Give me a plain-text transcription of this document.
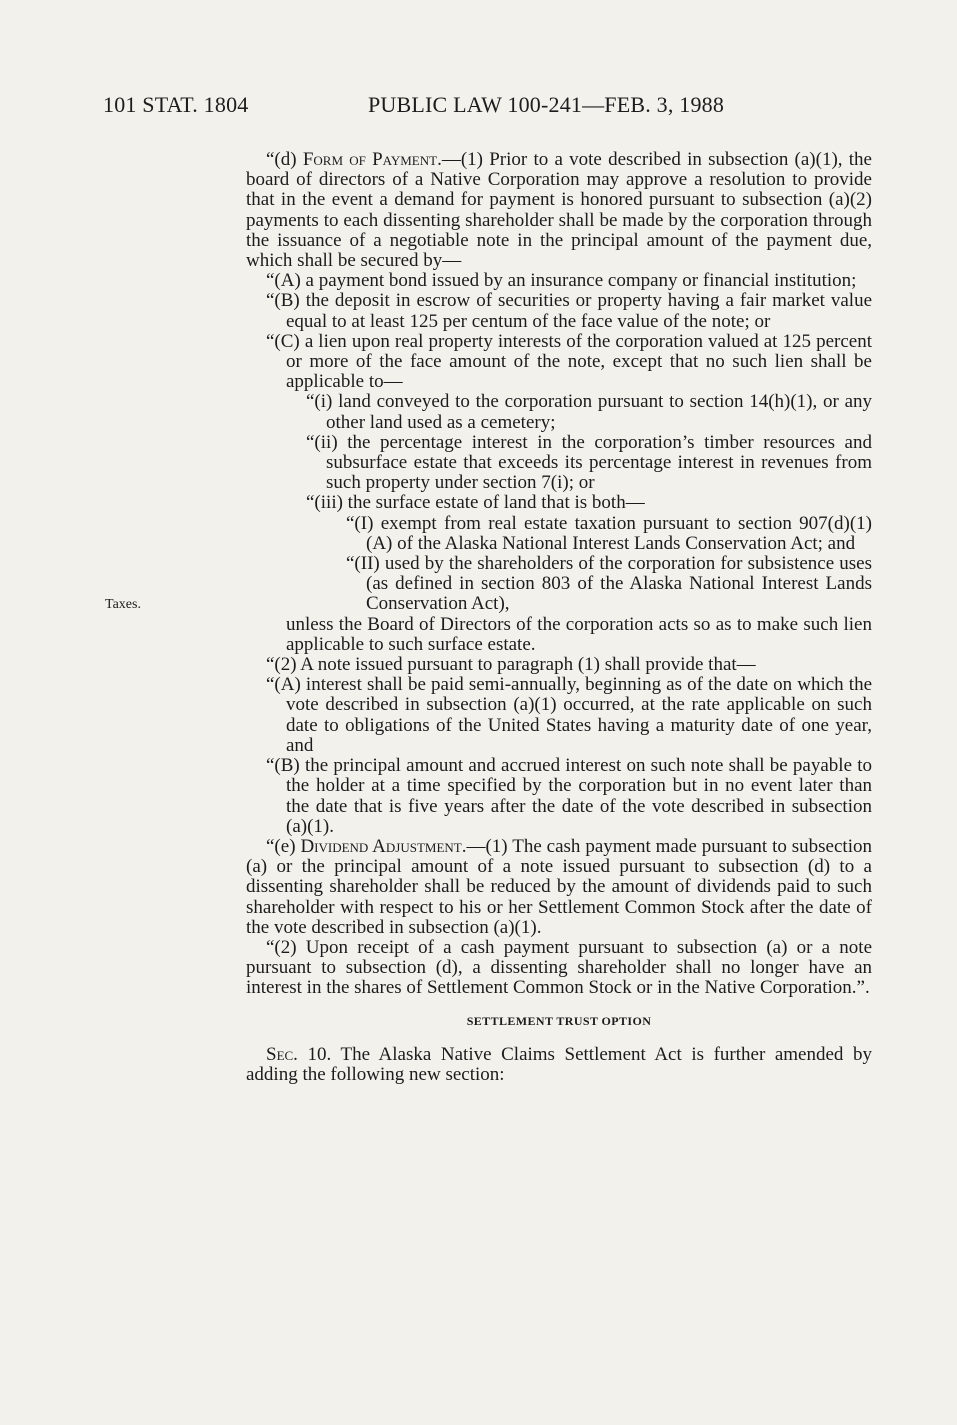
101 STAT. 1804	PUBLIC LAW 100-241—FEB. 3, 1988
Taxes.

“(d) Form of Payment.—(1) Prior to a vote described in subsection (a)(1), the board of directors of a Native Corporation may approve a resolution to provide that in the event a demand for payment is honored pursuant to subsection (a)(2) payments to each dissenting shareholder shall be made by the corporation through the issuance of a negotiable note in the principal amount of the payment due, which shall be secured by—

“(A) a payment bond issued by an insurance company or financial institution;

“(B) the deposit in escrow of securities or property having a fair market value equal to at least 125 per centum of the face value of the note; or

“(C) a lien upon real property interests of the corporation valued at 125 percent or more of the face amount of the note, except that no such lien shall be applicable to—

“(i) land conveyed to the corporation pursuant to section 14(h)(1), or any other land used as a cemetery;

“(ii) the percentage interest in the corporation’s timber resources and subsurface estate that exceeds its percentage interest in revenues from such property under section 7(i); or

“(iii) the surface estate of land that is both—

“(I) exempt from real estate taxation pursuant to section 907(d)(1)(A) of the Alaska National Interest Lands Conservation Act; and

“(II) used by the shareholders of the corporation for subsistence uses (as defined in section 803 of the Alaska National Interest Lands Conservation Act),

unless the Board of Directors of the corporation acts so as to make such lien applicable to such surface estate.

“(2) A note issued pursuant to paragraph (1) shall provide that—

“(A) interest shall be paid semi-annually, beginning as of the date on which the vote described in subsection (a)(1) occurred, at the rate applicable on such date to obligations of the United States having a maturity date of one year, and

“(B) the principal amount and accrued interest on such note shall be payable to the holder at a time specified by the corporation but in no event later than the date that is five years after the date of the vote described in subsection (a)(1).

“(e) Dividend Adjustment.—(1) The cash payment made pursuant to subsection (a) or the principal amount of a note issued pursuant to subsection (d) to a dissenting shareholder shall be reduced by the amount of dividends paid to such shareholder with respect to his or her Settlement Common Stock after the date of the vote described in subsection (a)(1).

“(2) Upon receipt of a cash payment pursuant to subsection (a) or a note pursuant to subsection (d), a dissenting shareholder shall no longer have an interest in the shares of Settlement Common Stock or in the Native Corporation.”.

SETTLEMENT TRUST OPTION

Sec. 10. The Alaska Native Claims Settlement Act is further amended by adding the following new section:
